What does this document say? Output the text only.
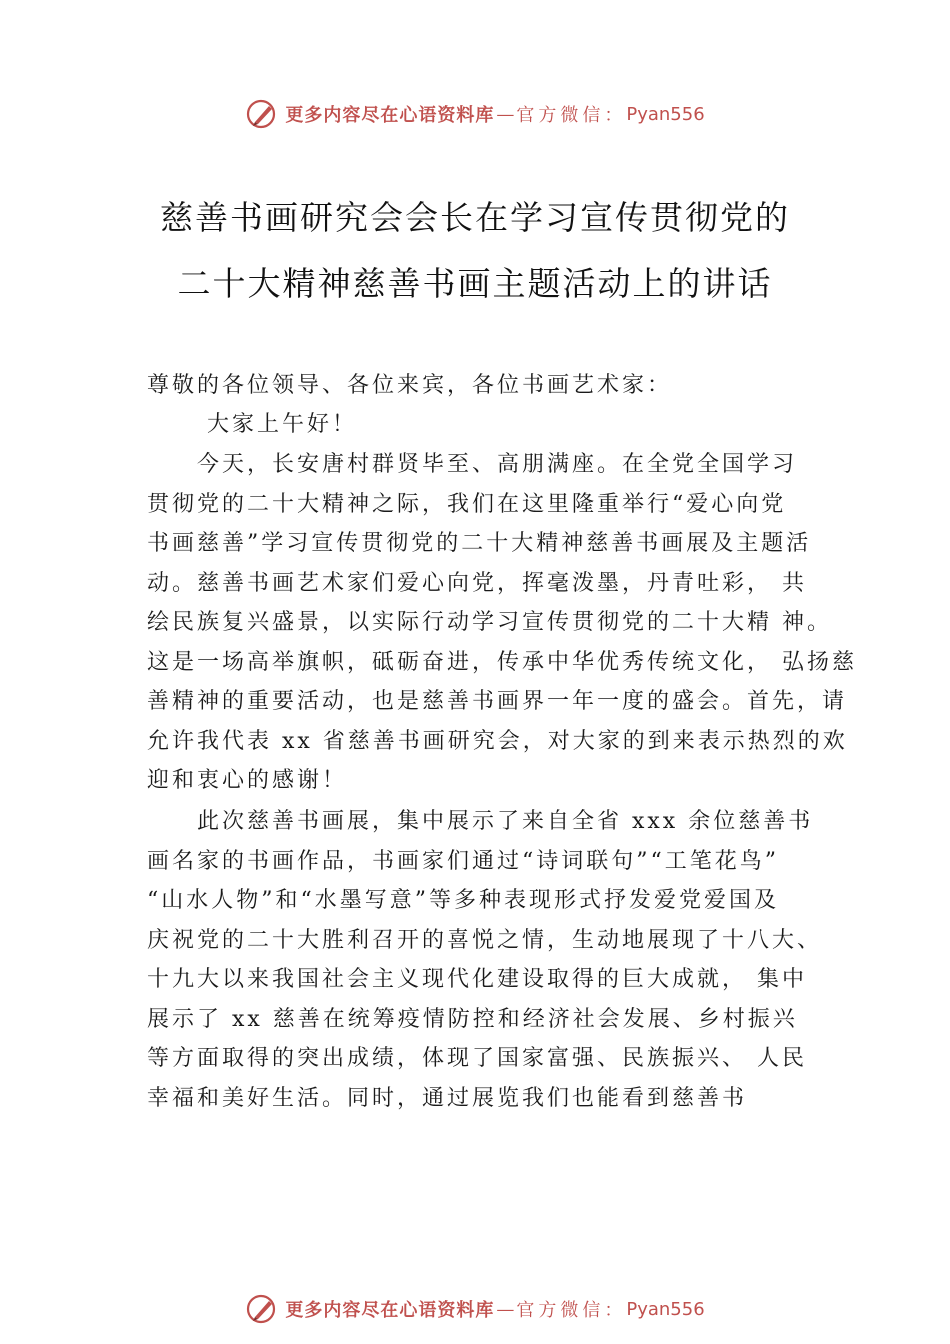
更多内容尽在心语资料库 — 官方微信： Pyan556
慈善书画研究会会长在学习宣传贯彻党的
二十大精神慈善书画主题活动上的讲话
尊敬的各位领导、各位来宾，各位书画艺术家：
大家上午好！
今天，长安唐村群贤毕至、高朋满座。在全党全国学习
贯彻党的二十大精神之际，我们在这里隆重举行“爱心向党
书画慈善”学习宣传贯彻党的二十大精神慈善书画展及主题活
动。慈善书画艺术家们爱心向党，挥毫泼墨，丹青吐彩， 共
绘民族复兴盛景，以实际行动学习宣传贯彻党的二十大精 神。
这是一场高举旗帜，砥砺奋进，传承中华优秀传统文化， 弘扬慈
善精神的重要活动，也是慈善书画界一年一度的盛会。首先，请
允许我代表 xx 省慈善书画研究会，对大家的到来表示热烈的欢
迎和衷心的感谢！
此次慈善书画展，集中展示了来自全省 xxx 余位慈善书
画名家的书画作品，书画家们通过“诗词联句”“工笔花鸟”
“山水人物”和“水墨写意”等多种表现形式抒发爱党爱国及
庆祝党的二十大胜利召开的喜悦之情，生动地展现了十八大、
十九大以来我国社会主义现代化建设取得的巨大成就， 集中
展示了 xx 慈善在统筹疫情防控和经济社会发展、乡村振兴
等方面取得的突出成绩，体现了国家富强、民族振兴、 人民
幸福和美好生活。同时，通过展览我们也能看到慈善书
更多内容尽在心语资料库 — 官方微信： Pyan556
